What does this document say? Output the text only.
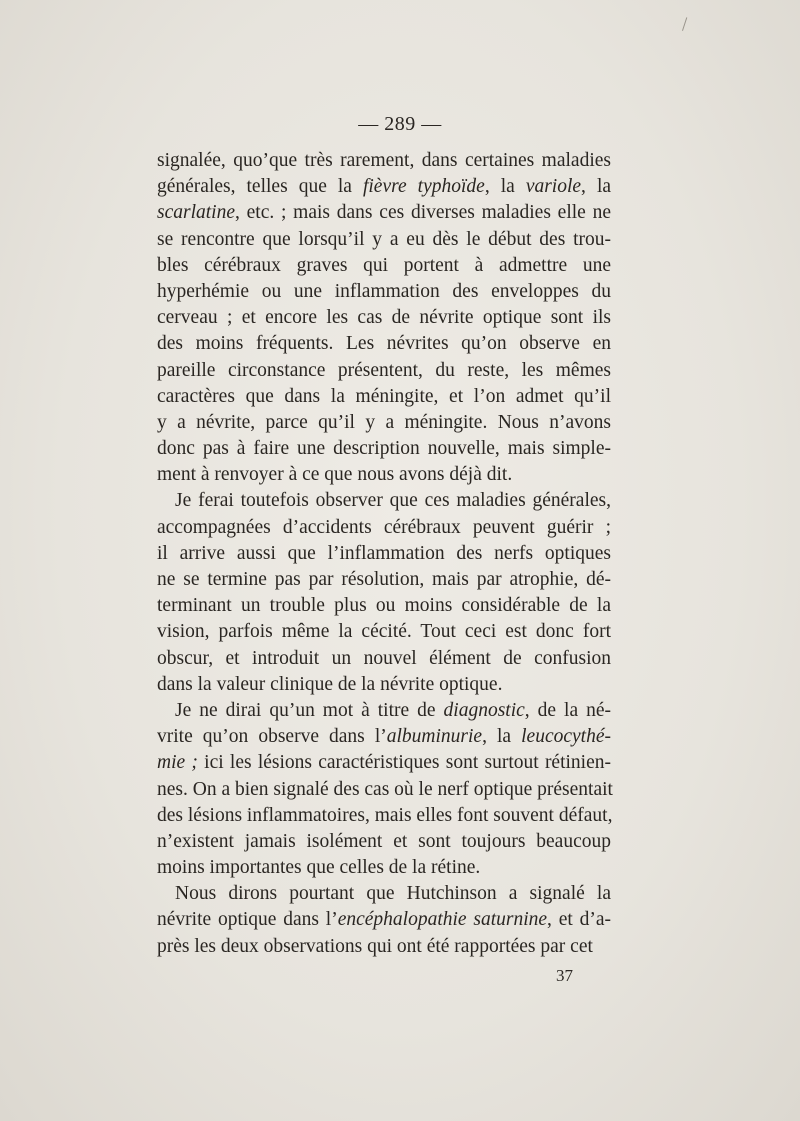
— 289 —
signalée, quo’que très rarement, dans certaines maladies
générales, telles que la fièvre typhoïde, la variole, la
scarlatine, etc. ; mais dans ces diverses maladies elle ne
se rencontre que lorsqu’il y a eu dès le début des trou-
bles cérébraux graves qui portent à admettre une
hyperhémie ou une inflammation des enveloppes du
cerveau ; et encore les cas de névrite optique sont ils
des moins fréquents. Les névrites qu’on observe en
pareille circonstance présentent, du reste, les mêmes
caractères que dans la méningite, et l’on admet qu’il
y a névrite, parce qu’il y a méningite. Nous n’avons
donc pas à faire une description nouvelle, mais simple-
ment à renvoyer à ce que nous avons déjà dit.
Je ferai toutefois observer que ces maladies générales,
accompagnées d’accidents cérébraux peuvent guérir ;
il arrive aussi que l’inflammation des nerfs optiques
ne se termine pas par résolution, mais par atrophie, dé-
terminant un trouble plus ou moins considérable de la
vision, parfois même la cécité. Tout ceci est donc fort
obscur, et introduit un nouvel élément de confusion
dans la valeur clinique de la névrite optique.
Je ne dirai qu’un mot à titre de diagnostic, de la né-
vrite qu’on observe dans l’albuminurie, la leucocythé-
mie ; ici les lésions caractéristiques sont surtout rétinien-
nes. On a bien signalé des cas où le nerf optique présentait
des lésions inflammatoires, mais elles font souvent défaut,
n’existent jamais isolément et sont toujours beaucoup
moins importantes que celles de la rétine.
Nous dirons pourtant que Hutchinson a signalé la
névrite optique dans l’encéphalopathie saturnine, et d’a-
près les deux observations qui ont été rapportées par cet
37
